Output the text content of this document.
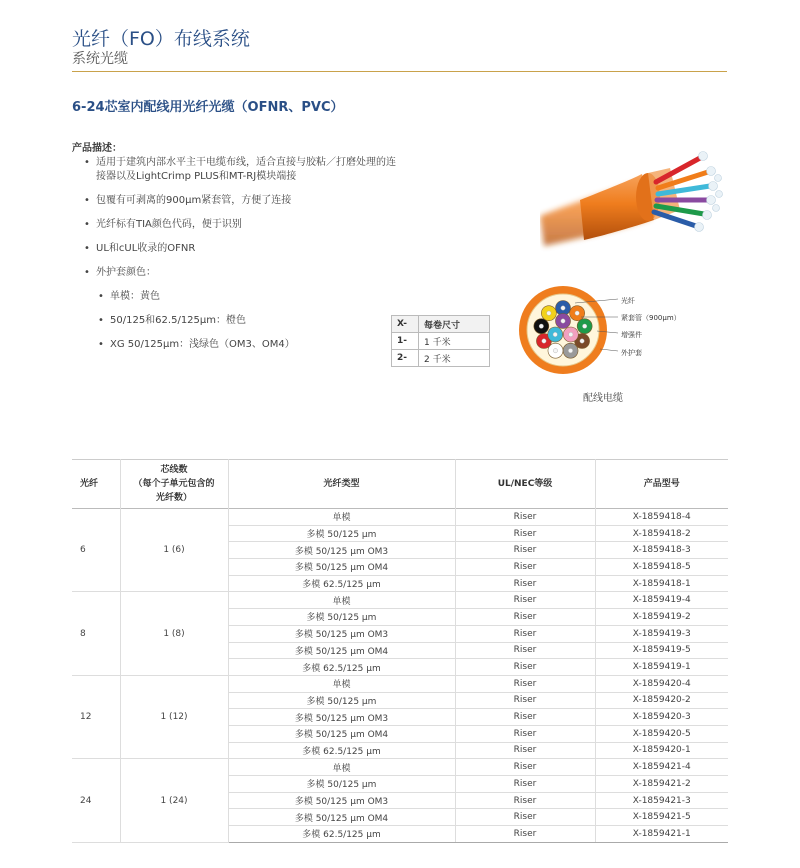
光纤（FO）布线系统
系统光缆
6-24芯室内配线用光纤光缆（OFNR、PVC）
产品描述：
• 适用于建筑内部水平主干电缆布线，适合直接与胶粘／打磨处理的连接器以及LightCrimp PLUS和MT-RJ模块端接
• 包覆有可剥离的900μm紧套管，方便了连接
• 光纤标有TIA颜色代码，便于识别
• UL和cUL收录的OFNR
• 外护套颜色：
• 单模：黄色
• 50/125和62.5/125μm：橙色
• XG 50/125μm：浅绿色（OM3、OM4）
X-	每卷尺寸
1-	1 千米
2-	2 千米
光纤
紧套管（900μm）
增强件
外护套
配线电缆
光纤	芯线数
（每个子单元包含的
光纤数）	光纤类型	UL/NEC等级	产品型号
6	1 (6)	单模	Riser	X-1859418-4
		多模 50/125 μm	Riser	X-1859418-2
		多模 50/125 μm OM3	Riser	X-1859418-3
		多模 50/125 μm OM4	Riser	X-1859418-5
		多模 62.5/125 μm	Riser	X-1859418-1
8	1 (8)	单模	Riser	X-1859419-4
		多模 50/125 μm	Riser	X-1859419-2
		多模 50/125 μm OM3	Riser	X-1859419-3
		多模 50/125 μm OM4	Riser	X-1859419-5
		多模 62.5/125 μm	Riser	X-1859419-1
12	1 (12)	单模	Riser	X-1859420-4
		多模 50/125 μm	Riser	X-1859420-2
		多模 50/125 μm OM3	Riser	X-1859420-3
		多模 50/125 μm OM4	Riser	X-1859420-5
		多模 62.5/125 μm	Riser	X-1859420-1
24	1 (24)	单模	Riser	X-1859421-4
		多模 50/125 μm	Riser	X-1859421-2
		多模 50/125 μm OM3	Riser	X-1859421-3
		多模 50/125 μm OM4	Riser	X-1859421-5
		多模 62.5/125 μm	Riser	X-1859421-1
